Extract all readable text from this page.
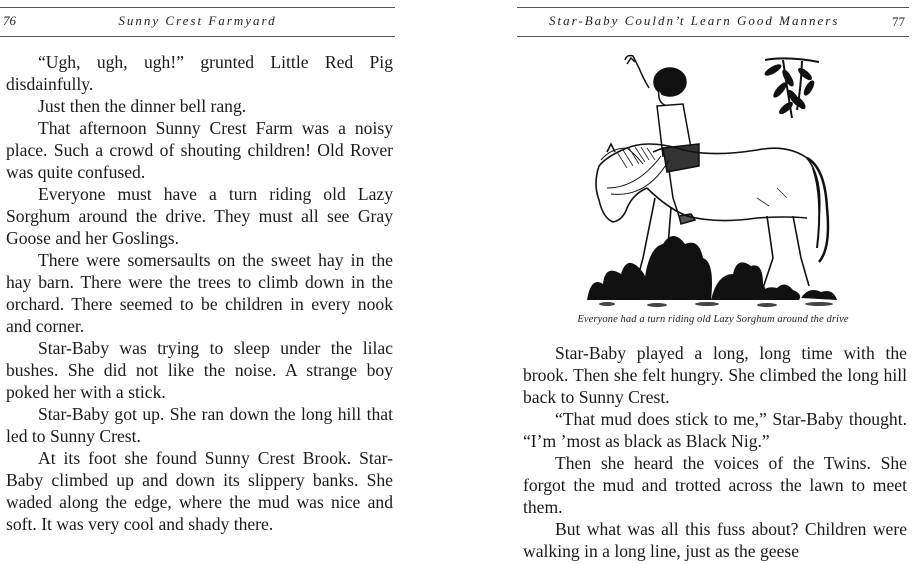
76	Sunny Crest Farmyard

“Ugh, ugh, ugh!” grunted Little Red Pig disdainfully.

Just then the dinner bell rang.

That afternoon Sunny Crest Farm was a noisy place. Such a crowd of shouting children! Old Rover was quite confused.

Everyone must have a turn riding old Lazy Sorghum around the drive. They must all see Gray Goose and her Goslings.

There were somersaults on the sweet hay in the hay barn. There were the trees to climb down in the orchard. There seemed to be children in every nook and corner.

Star-Baby was trying to sleep under the lilac bushes. She did not like the noise. A strange boy poked her with a stick.

Star-Baby got up. She ran down the long hill that led to Sunny Crest.

At its foot she found Sunny Crest Brook. Star-Baby climbed up and down its slippery banks. She waded along the edge, where the mud was nice and soft. It was very cool and shady there.

Star-Baby Couldn’t Learn Good Manners	77
Everyone had a turn riding old Lazy Sorghum around the drive

Star-Baby played a long, long time with the brook. Then she felt hungry. She climbed the long hill back to Sunny Crest.

“That mud does stick to me,” Star-Baby thought. “I’m ’most as black as Black Nig.”

Then she heard the voices of the Twins. She forgot the mud and trotted across the lawn to meet them.

But what was all this fuss about? Children were walking in a long line, just as the geese
